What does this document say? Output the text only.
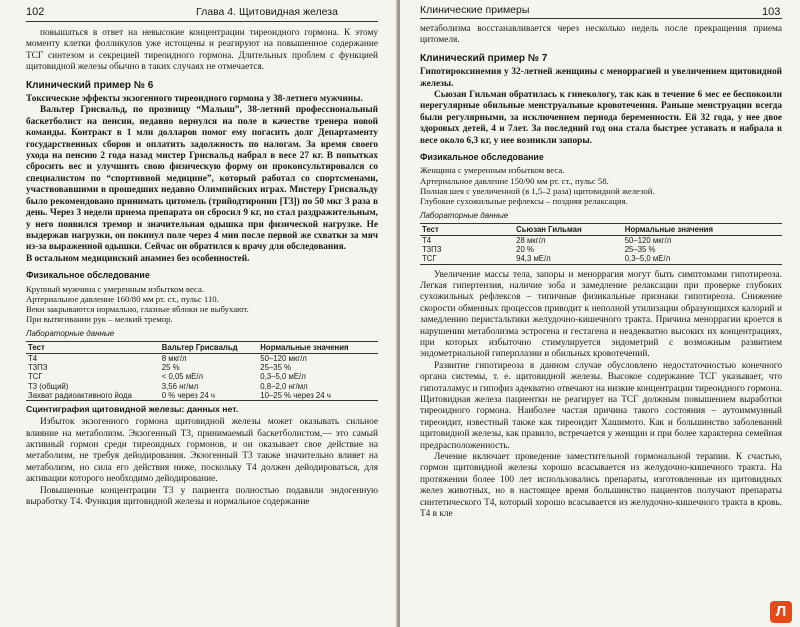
102	Глава 4. Щитовидная железа

повышаться в ответ на невысокие концентрации тиреоидного гормона. К этому моменту клетки фолликулов уже истощены и реагируют на повышенное содержание ТСГ синтезом и секрецией тиреоидного гормона. Длительных проблем с функцией щитовидной железы обычно в таких случаях не отмечается.

Клинический пример № 6

Токсические эффекты экзогенного тиреоидного гормона у 38-летнего мужчины.

Вальтер Грисвальд, по прозвищу “Малыш”, 38-летний профессиональный баскетболист на пенсии, недавно вернулся на поле в качестве тренера новой команды. Контракт в 1 млн долларов помог ему погасить долг Департаменту государственных сборов и оплатить задолжность по налогам. За время своего ухода на пенсию 2 года назад мистер Грисвальд набрал в весе 27 кг. В попытках сбросить вес и улучшить свою физическую форму он проконсультировался со специалистом по “спортивной медицине”, который работал со спортсменами, участвовавшими в прошедших недавно Олимпийских играх. Мистеру Грисвальду было рекомендовано принимать цитомель (трийодтиронин [Т3]) по 50 мкг 3 раза в день. Через 3 недели приема препарата он сбросил 9 кг, но стал раздражительным, у него появился тремор и значительная одышка при физической нагрузке. Не выдержав нагрузки, он покинул поле через 4 мин после первой же схватки за мяч из-за выраженной одышки. Сейчас он обратился к врачу для обследования.

В остальном медицинский анамнез без особенностей.

Физикальное обследование
Крупный мужчина с умеренным избытком веса.
Артериальное давление 160/80 мм рт. ст., пульс 110.
Веки закрываются нормально, глазные яблоки не выбухают.
При вытягивании рук – мелкий тремор.
Лабораторные данные
Тест	Вальтер Грисвальд	Нормальные значения
Т4	8 мкг/л	50–120 мкг/л
Т3ПЗ	25 %	25–35 %
ТСГ	< 0,05 мЕ/л	0,3–5,0 мЕ/л
Т3 (общий)	3,56 нг/мл	0,8–2,0 нг/мл
Захват радиоактивного йода	0 % через 24 ч	10–25 % через 24 ч

Сцинтиграфия щитовидной железы: данных нет.

Избыток экзогенного гормона щитовидной железы может оказывать сильное влияние на метаболизм. Экзогенный Т3, принимаемый баскетболистом,— это самый активный гормон среди тиреоидных гормонов, и он оказывает свое действие на метаболизм, не требуя дейодирования. Экзогенный Т3 также значительно влияет на метаболизм, но сила его действия ниже, поскольку Т4 должен дейодироваться, для активации которого необходимо дейодирование.

Повышенные концентрации Т3 у пациента полностью подавили эндогенную выработку Т4. Функция щитовидной железы и нормальное содержание

Клинические примеры	103

метаболизма восстанавливается через несколько недель после прекращения приема цитомеля.

Клинический пример № 7

Гипотироксинемия у 32-летней женщины с меноррагией и увеличением щитовидной железы.

Сьюзан Гильман обратилась к гинекологу, так как в течение 6 мес ее беспокоили нерегулярные обильные менструальные кровотечения. Раньше менструации всегда были регулярными, за исключением периода беременности. Ей 32 года, у нее двое здоровых детей, 4 и 7лет. За последний год она стала быстрее уставать и набрала в весе около 6,3 кг, у нее возникли запоры.

Физикальное обследование
Женщина с умеренным избытком веса.
Артериальное давление 150/90 мм рт. ст., пульс 58.
Полная шея с увеличенной (в 1,5–2 раза) щитовидной железой.
Глубокие сухожильные рефлексы – поздняя релаксация.
Лабораторные данные
Тест	Сьюзан Гильман	Нормальные значения
Т4	28 мкг/л	50–120 мкг/л
Т3ПЗ	20 %	25–35 %
ТСГ	94,3 мЕ/л	0,3–5,0 мЕ/л

Увеличение массы тела, запоры и меноррагия могут быть симптомами гипотиреоза. Легкая гипертензия, наличие зоба и замедление релаксации при проверке глубоких сухожильных рефлексов – типичные физикальные признаки гипотиреоза. Снижение скорости обменных процессов приводит к неполной утилизации образующихся калорий и замедлению перистальтики желудочно-кишечного тракта. Причина меноррагии кроется в нарушении метаболизма эстрогена и гестагена и неадекватно высоких их концентрациях, при которых избыточно стимулируется эндометрий с возможным развитием эндометриальной гиперплазии и обильных кровотечений.

Развитие гипотиреоза в данном случае обусловлено недостаточностью конечного органа системы, т. е. щитовидной железы. Высокое содержание ТСГ указывает, что гипоталамус и гипофиз адекватно отвечают на низкие концентрации тиреоидного гормона. Щитовидная железа пациентки не реагирует на ТСГ должным повышением выработки тиреоидного гормона. Наиболее частая причина такого состояния – аутоиммунный тиреоидит, известный также как тиреоидит Хашимото. Как и большинство заболеваний щитовидной железы, как правило, встречается у женщин и при более характерна семейная предрасположенность.

Лечение включает проведение заместительной гормональной терапии. К счастью, гормон щитовидной железы хорошо всасывается из желудочно-кишечного тракта. На протяжении более 100 лет использовались препараты, изготовленные из щитовидных желез животных, но в настоящее время большинство пациентов получают препараты синтетического Т4, который хорошо всасывается из желудочно-кишечного тракта в кровь. Т4 в кле

Л
